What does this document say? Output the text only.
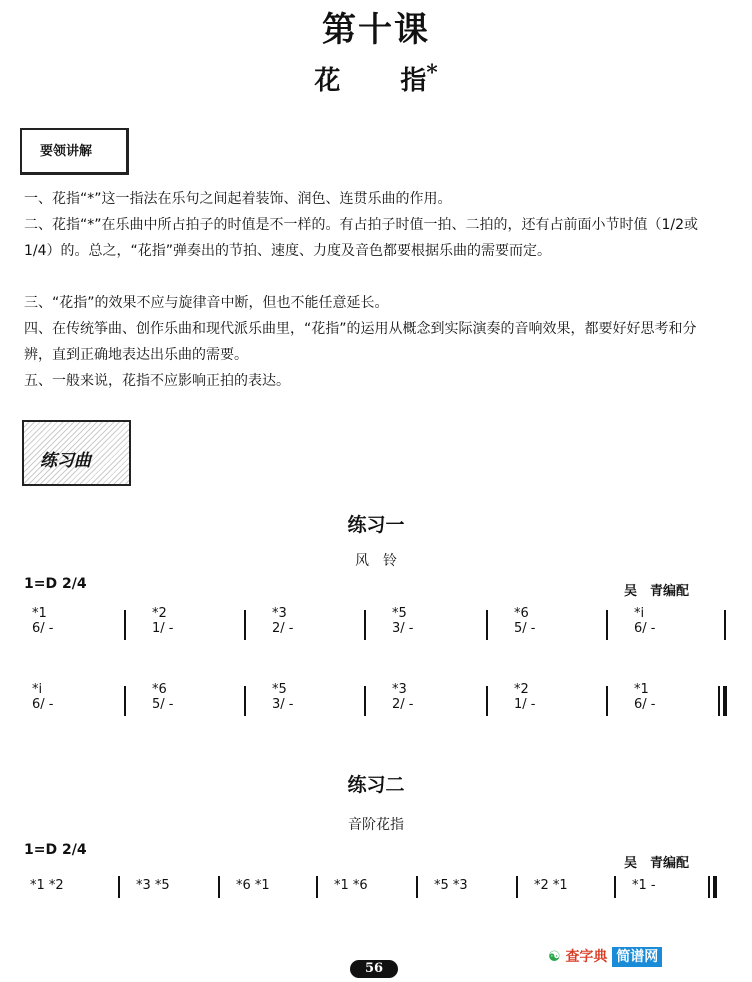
第十课
花 指*
要领讲解
一、花指“*”这一指法在乐句之间起着装饰、润色、连贯乐曲的作用。
二、花指“*”在乐曲中所占拍子的时值是不一样的。有占拍子时值一拍、二拍的，还有占前面小节时值（1/2或1/4）的。总之，“花指”弹奏出的节拍、速度、力度及音色都要根据乐曲的需要而定。
三、“花指”的效果不应与旋律音中断，但也不能任意延长。
四、在传统筝曲、创作乐曲和现代派乐曲里，“花指”的运用从概念到实际演奏的音响效果，都要好好思考和分辨，直到正确地表达出乐曲的需要。
五、一般来说，花指不应影响正拍的表达。
练习曲
练习一
风　铃
1=D 2/4	吴　青编配
*1
6/ -
*2
1/ -
*3
2/ -
*5
3/ -
*6
5/ -
*i
6/ -
*i
6/ -
*6
5/ -
*5
3/ -
*3
2/ -
*2
1/ -
*1
6/ -
练习二
音阶花指
1=D 2/4
吴　青编配
*1 *2	*3 *5	*6 *1	*1 *6	*5 *3	*2 *1	*1 -
56
☯ 查字典 简谱网
